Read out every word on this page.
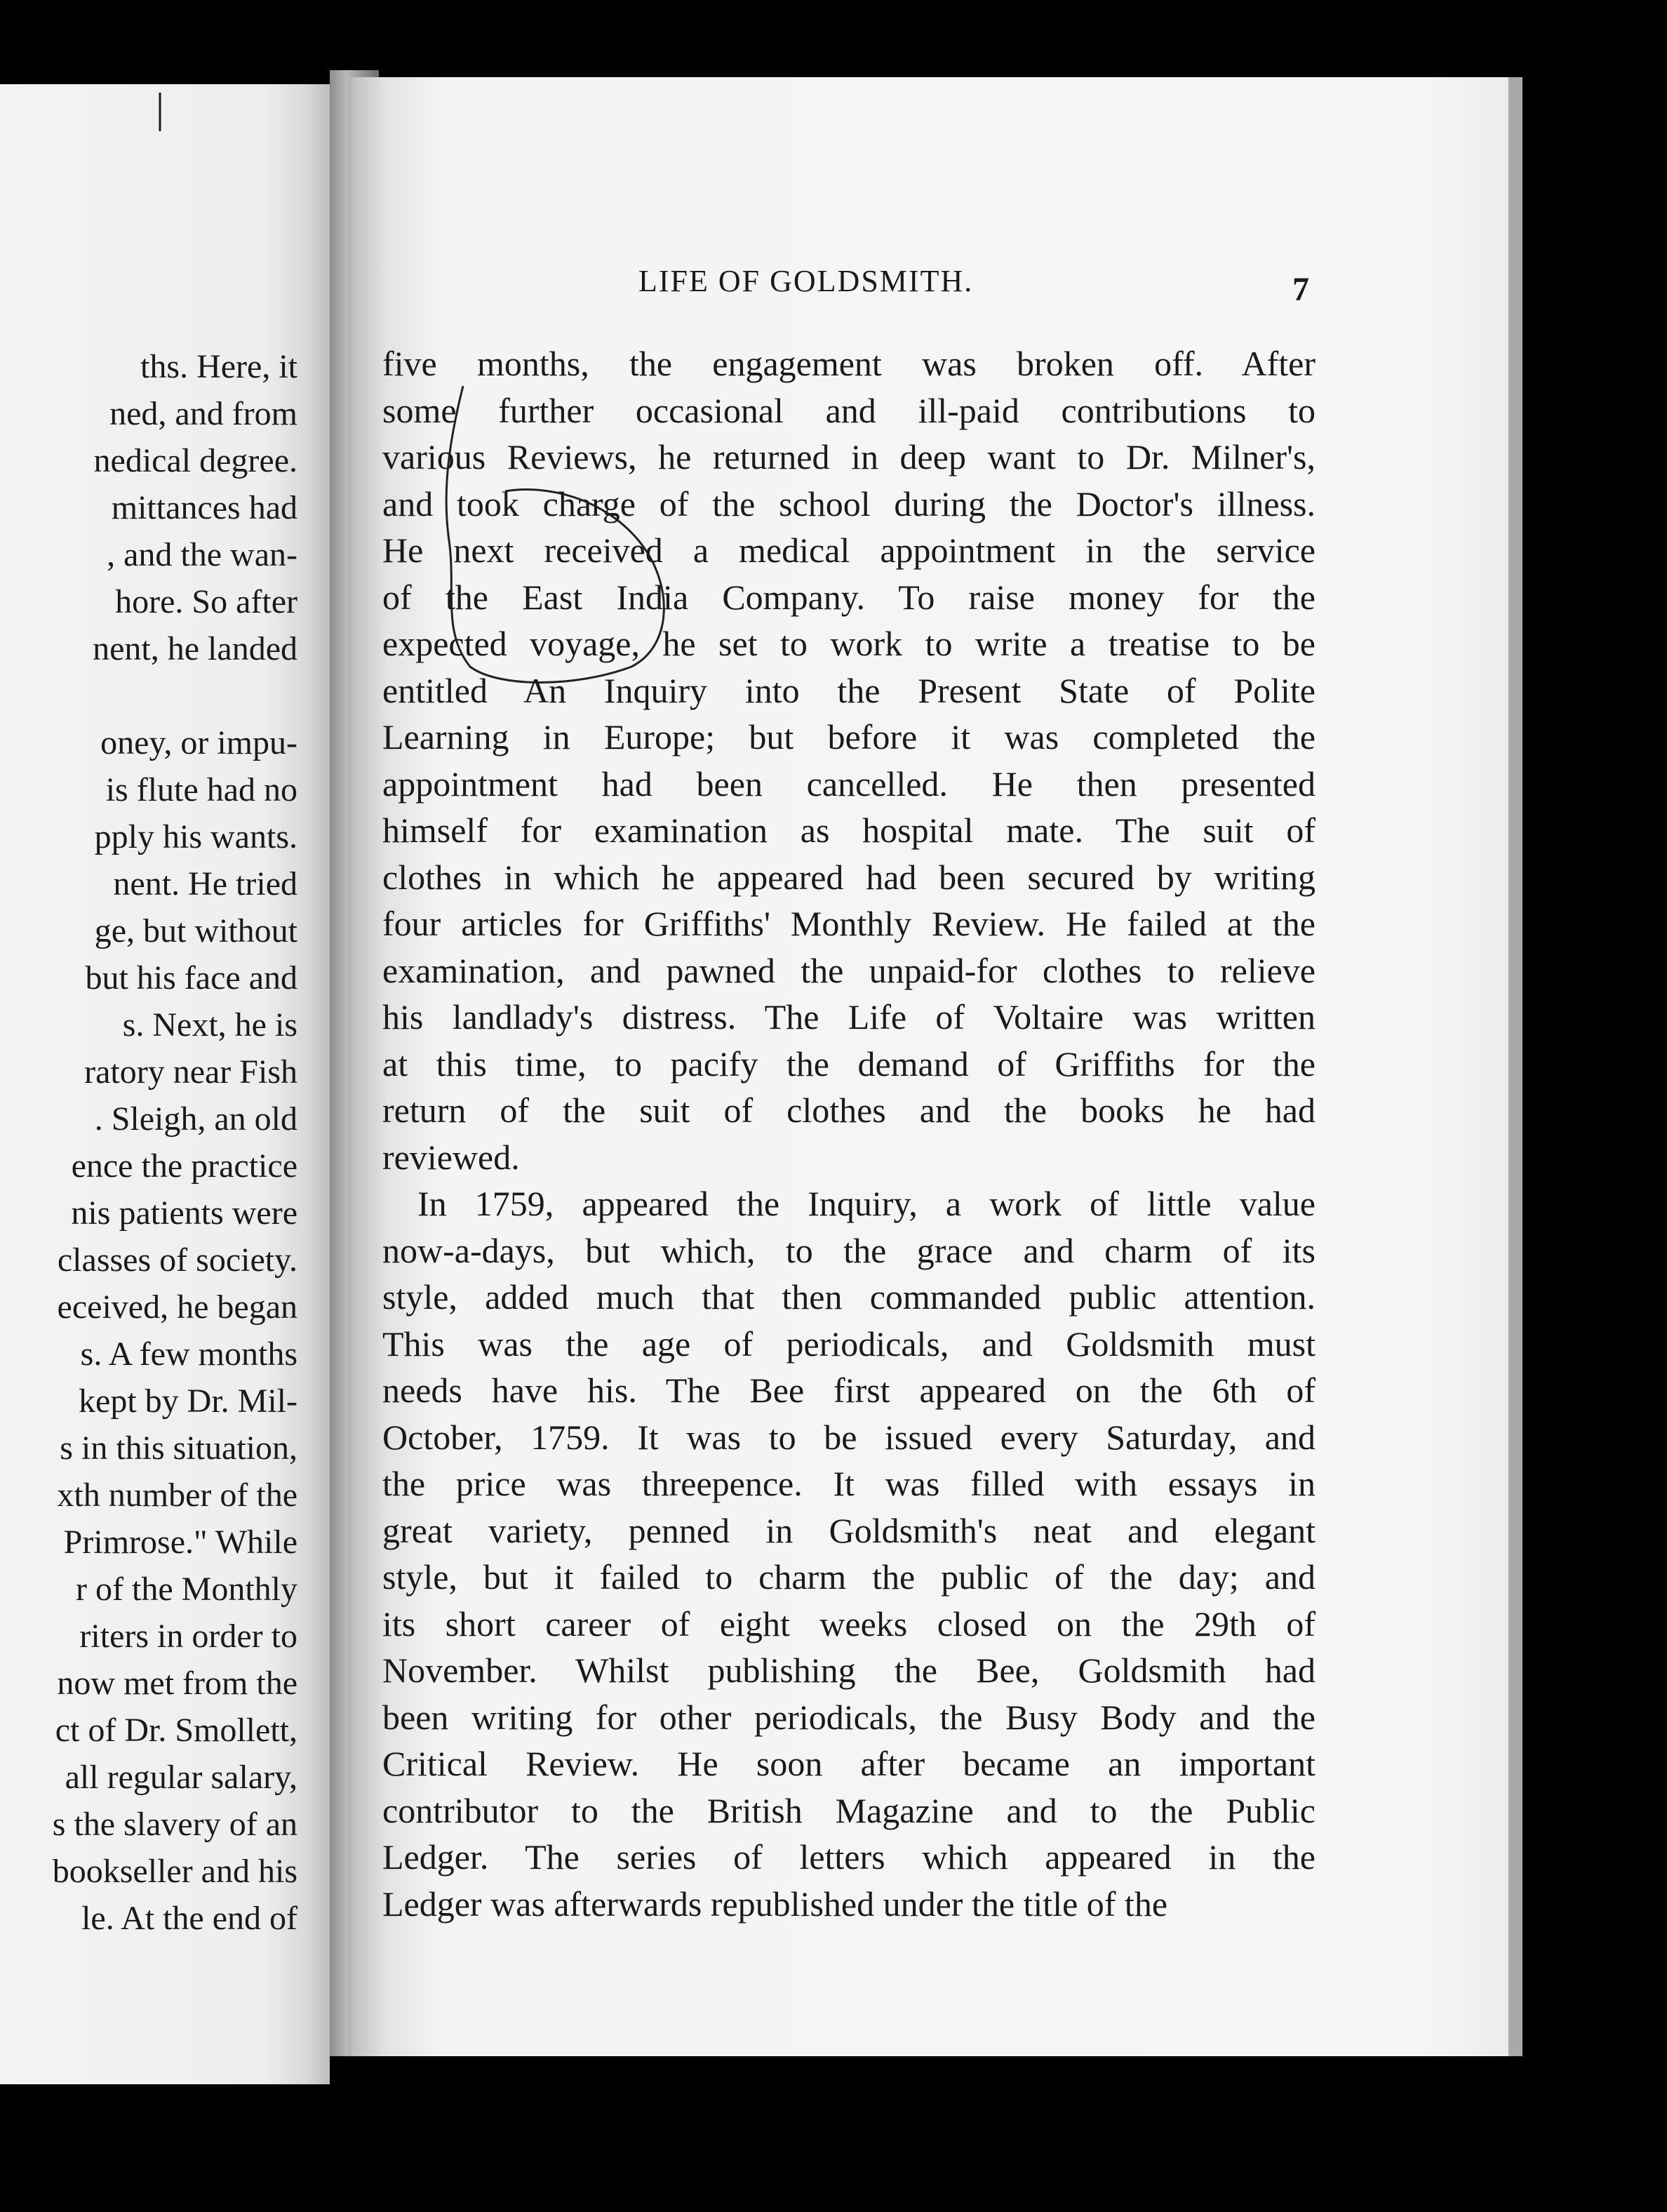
|
ths. Here, it
ned, and from
nedical degree.
mittances had
, and the wan-
hore. So after
nent, he landed
oney, or impu-
is flute had no
pply his wants.
nent. He tried
ge, but without
but his face and
s. Next, he is
ratory near Fish
. Sleigh, an old
ence the practice
nis patients were
classes of society.
eceived, he began
s. A few months
kept by Dr. Mil-
s in this situation,
xth number of the
Primrose." While
r of the Monthly
riters in order to
now met from the
ct of Dr. Smollett,
all regular salary,
s the slavery of an
bookseller and his
le. At the end of
LIFE OF GOLDSMITH.	7
five months, the engagement was broken off. After
some further occasional and ill-paid contributions to
various Reviews, he returned in deep want to Dr. Milner's,
and took charge of the school during the Doctor's illness.
He next received a medical appointment in the service
of the East India Company. To raise money for the
expected voyage, he set to work to write a treatise to be
entitled An Inquiry into the Present State of Polite
Learning in Europe; but before it was completed the
appointment had been cancelled. He then presented
himself for examination as hospital mate. The suit of
clothes in which he appeared had been secured by writing
four articles for Griffiths' Monthly Review. He failed at the
examination, and pawned the unpaid-for clothes to relieve
his landlady's distress. The Life of Voltaire was written
at this time, to pacify the demand of Griffiths for the
return of the suit of clothes and the books he had
reviewed.
In 1759, appeared the Inquiry, a work of little value
now-a-days, but which, to the grace and charm of its
style, added much that then commanded public attention.
This was the age of periodicals, and Goldsmith must
needs have his. The Bee first appeared on the 6th of
October, 1759. It was to be issued every Saturday, and
the price was threepence. It was filled with essays in
great variety, penned in Goldsmith's neat and elegant
style, but it failed to charm the public of the day; and
its short career of eight weeks closed on the 29th of
November. Whilst publishing the Bee, Goldsmith had
been writing for other periodicals, the Busy Body and the
Critical Review. He soon after became an important
contributor to the British Magazine and to the Public
Ledger. The series of letters which appeared in the
Ledger was afterwards republished under the title of the
